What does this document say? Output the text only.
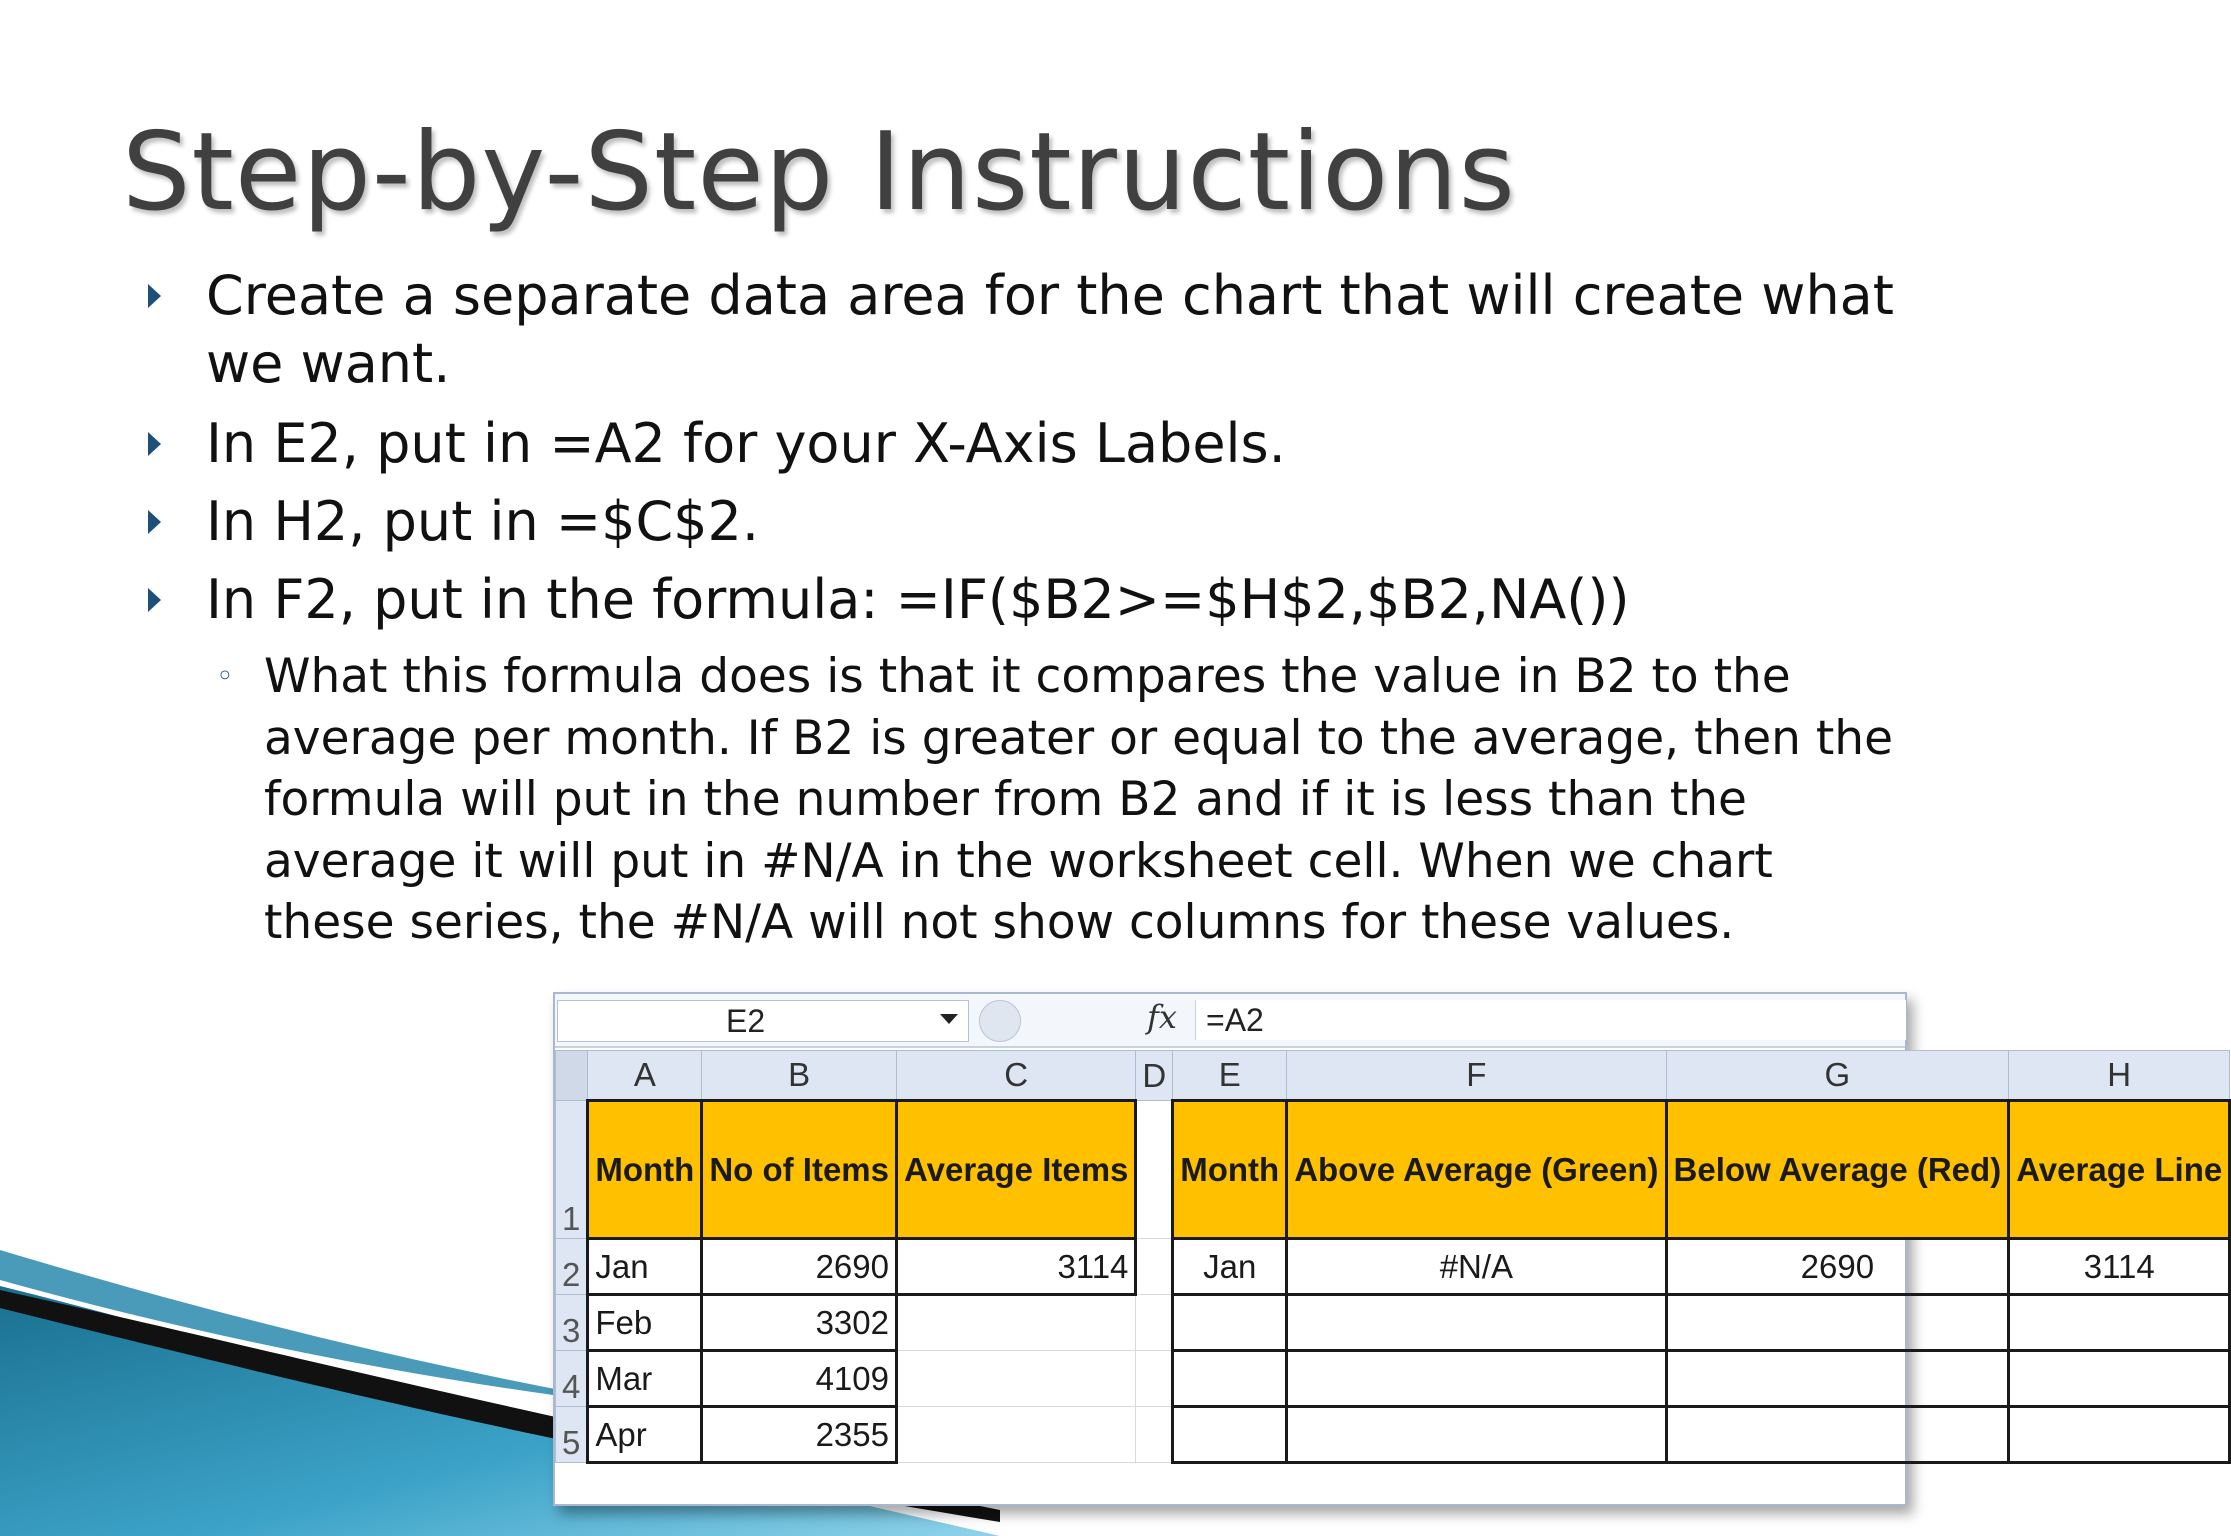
Step-by-Step Instructions
Create a separate data area for the chart that will create what we want.
In E2, put in =A2 for your X-Axis Labels.
In H2, put in =$C$2.
In F2, put in the formula: =IF($B2>=$H$2,$B2,NA())
◦ What this formula does is that it compares the value in B2 to the average per month. If B2 is greater or equal to the average, then the formula will put in the number from B2 and if it is less than the average it will put in #N/A in the worksheet cell. When we chart these series, the #N/A will not show columns for these values.
E2	fx =A2
	A	B	C	D	E	F	G	H
1	Month	No of Items	Average Items		Month	Above Average (Green)	Below Average (Red)	Average Line
2	Jan	2690	3114		Jan	#N/A	2690	3114
3	Feb	3302						
4	Mar	4109						
5	Apr	2355						
